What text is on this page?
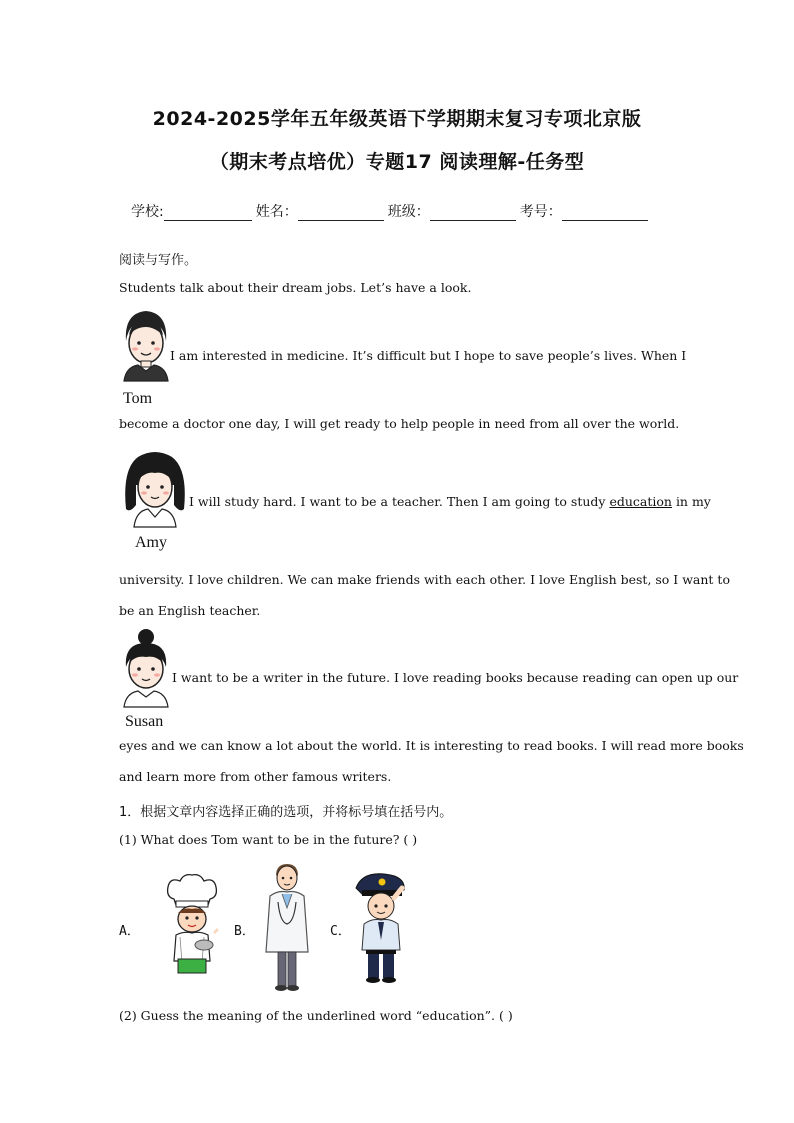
2024-2025学年五年级英语下学期期末复习专项北京版
（期末考点培优）专题17 阅读理解-任务型
学校:	姓名：	班级：	考号：
阅读与写作。
Students talk about their dream jobs. Let’s have a look.
Tom
I am interested in medicine. It’s difficult but I hope to save people’s lives. When I
become a doctor one day, I will get ready to help people in need from all over the world.
Amy
I will study hard. I want to be a teacher. Then I am going to study education in my
university. I love children. We can make friends with each other. I love English best, so I want to
be an English teacher.
Susan
I want to be a writer in the future. I love reading books because reading can open up our
eyes and we can know a lot about the world. It is interesting to read books. I will read more books
and learn more from other famous writers.
1．根据文章内容选择正确的选项，并将标号填在括号内。
(1) What does Tom want to be in the future? ( )
A．	B．	C．
(2) Guess the meaning of the underlined word “education”. ( )
